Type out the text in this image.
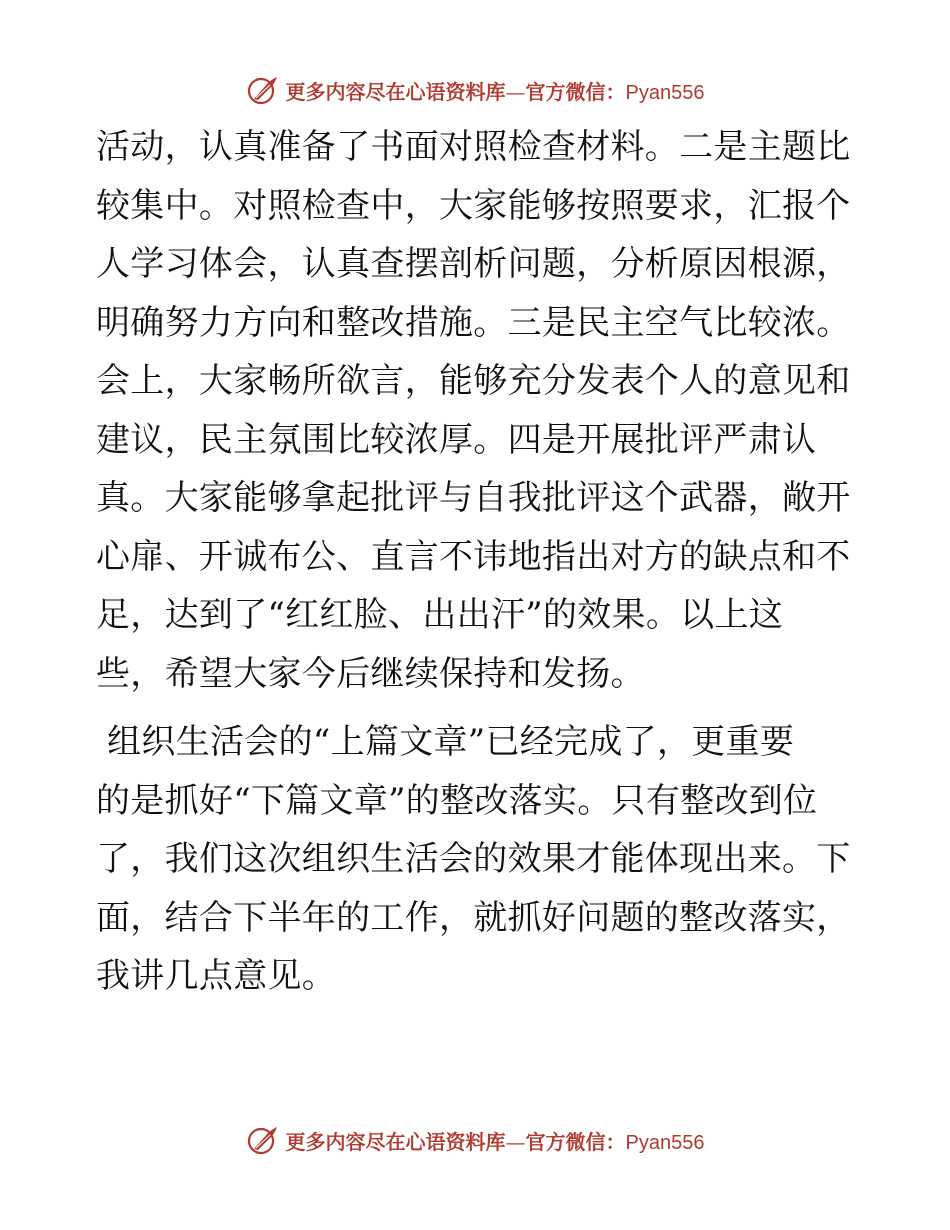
更多内容尽在心语资料库—官方微信：Pyan556

活动，认真准备了书面对照检查材料。二是主题比
较集中。对照检查中，大家能够按照要求，汇报个
人学习体会，认真查摆剖析问题，分析原因根源，
明确努力方向和整改措施。三是民主空气比较浓。
会上，大家畅所欲言，能够充分发表个人的意见和
建议，民主氛围比较浓厚。四是开展批评严肃认
真。大家能够拿起批评与自我批评这个武器，敞开
心扉、开诚布公、直言不讳地指出对方的缺点和不
足，达到了“红红脸、出出汗”的效果。以上这
些，希望大家今后继续保持和发扬。

组织生活会的“上篇文章”已经完成了，更重要
的是抓好“下篇文章”的整改落实。只有整改到位
了，我们这次组织生活会的效果才能体现出来。下
面，结合下半年的工作，就抓好问题的整改落实，
我讲几点意见。

更多内容尽在心语资料库—官方微信：Pyan556
